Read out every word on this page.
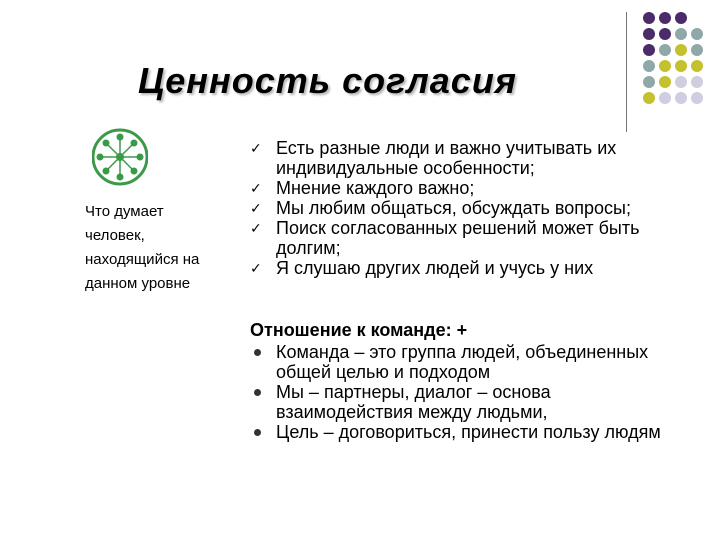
Ценность согласия
Что думает человек, находящийся на данном уровне
✓ Есть разные люди и важно учитывать их индивидуальные особенности;
✓ Мнение каждого важно;
✓ Мы любим общаться, обсуждать вопросы;
✓ Поиск согласованных решений может быть долгим;
✓ Я слушаю других людей и учусь у них
Отношение к команде: +
Команда – это группа людей, объединенных общей целью и подходом
Мы – партнеры, диалог – основа взаимодействия между людьми,
Цель – договориться, принести пользу людям
